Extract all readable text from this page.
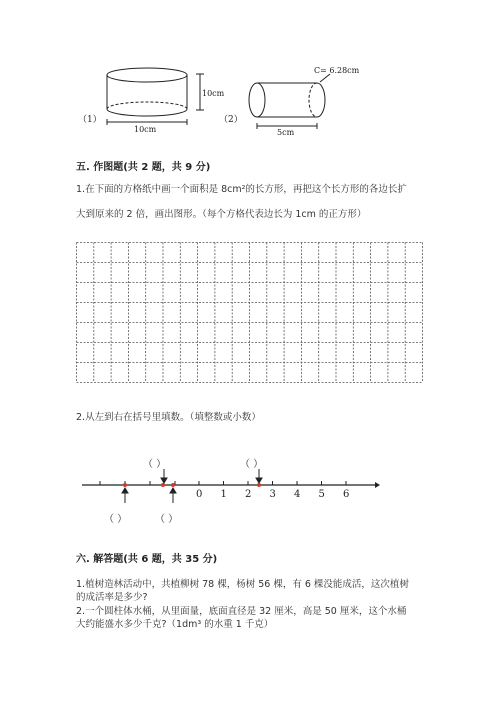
10cm
10cm
（1）	（2）
C= 6.28cm
5cm
五. 作图题(共 2 题，共 9 分)
1.在下面的方格纸中画一个面积是 8cm²的长方形，再把这个长方形的各边长扩
大到原来的 2 倍，画出图形。（每个方格代表边长为 1cm 的正方形）
2.从左到右在括号里填数。（填整数或小数）
0 1 2 3 4 5 6
（ ）	（ ）
（ ）	（ ）
六. 解答题(共 6 题，共 35 分)
1.植树造林活动中，共植柳树 78 棵，杨树 56 棵，有 6 棵没能成活，这次植树
的成活率是多少?
2.一个圆柱体水桶，从里面量，底面直径是 32 厘米，高是 50 厘米，这个水桶
大约能盛水多少千克?（1dm³ 的水重 1 千克）
